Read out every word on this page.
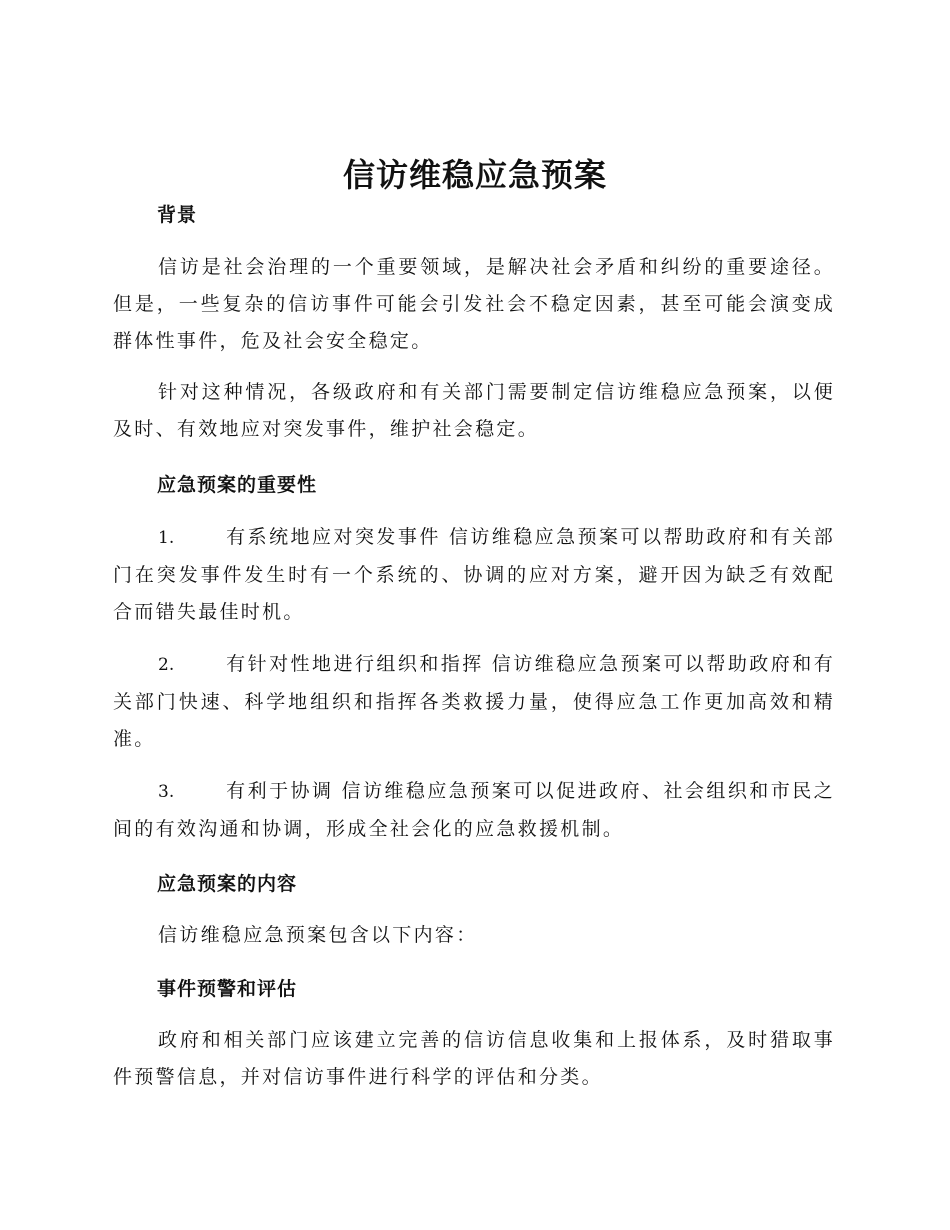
信访维稳应急预案
背景

信访是社会治理的一个重要领域，是解决社会矛盾和纠纷的重要途径。但是，一些复杂的信访事件可能会引发社会不稳定因素，甚至可能会演变成群体性事件，危及社会安全稳定。

针对这种情况，各级政府和有关部门需要制定信访维稳应急预案，以便及时、有效地应对突发事件，维护社会稳定。

应急预案的重要性

1.	有系统地应对突发事件 信访维稳应急预案可以帮助政府和有关部门在突发事件发生时有一个系统的、协调的应对方案，避开因为缺乏有效配合而错失最佳时机。

2.	有针对性地进行组织和指挥 信访维稳应急预案可以帮助政府和有关部门快速、科学地组织和指挥各类救援力量，使得应急工作更加高效和精准。

3.	有利于协调 信访维稳应急预案可以促进政府、社会组织和市民之间的有效沟通和协调，形成全社会化的应急救援机制。

应急预案的内容

信访维稳应急预案包含以下内容：

事件预警和评估

政府和相关部门应该建立完善的信访信息收集和上报体系，及时猎取事件预警信息，并对信访事件进行科学的评估和分类。
